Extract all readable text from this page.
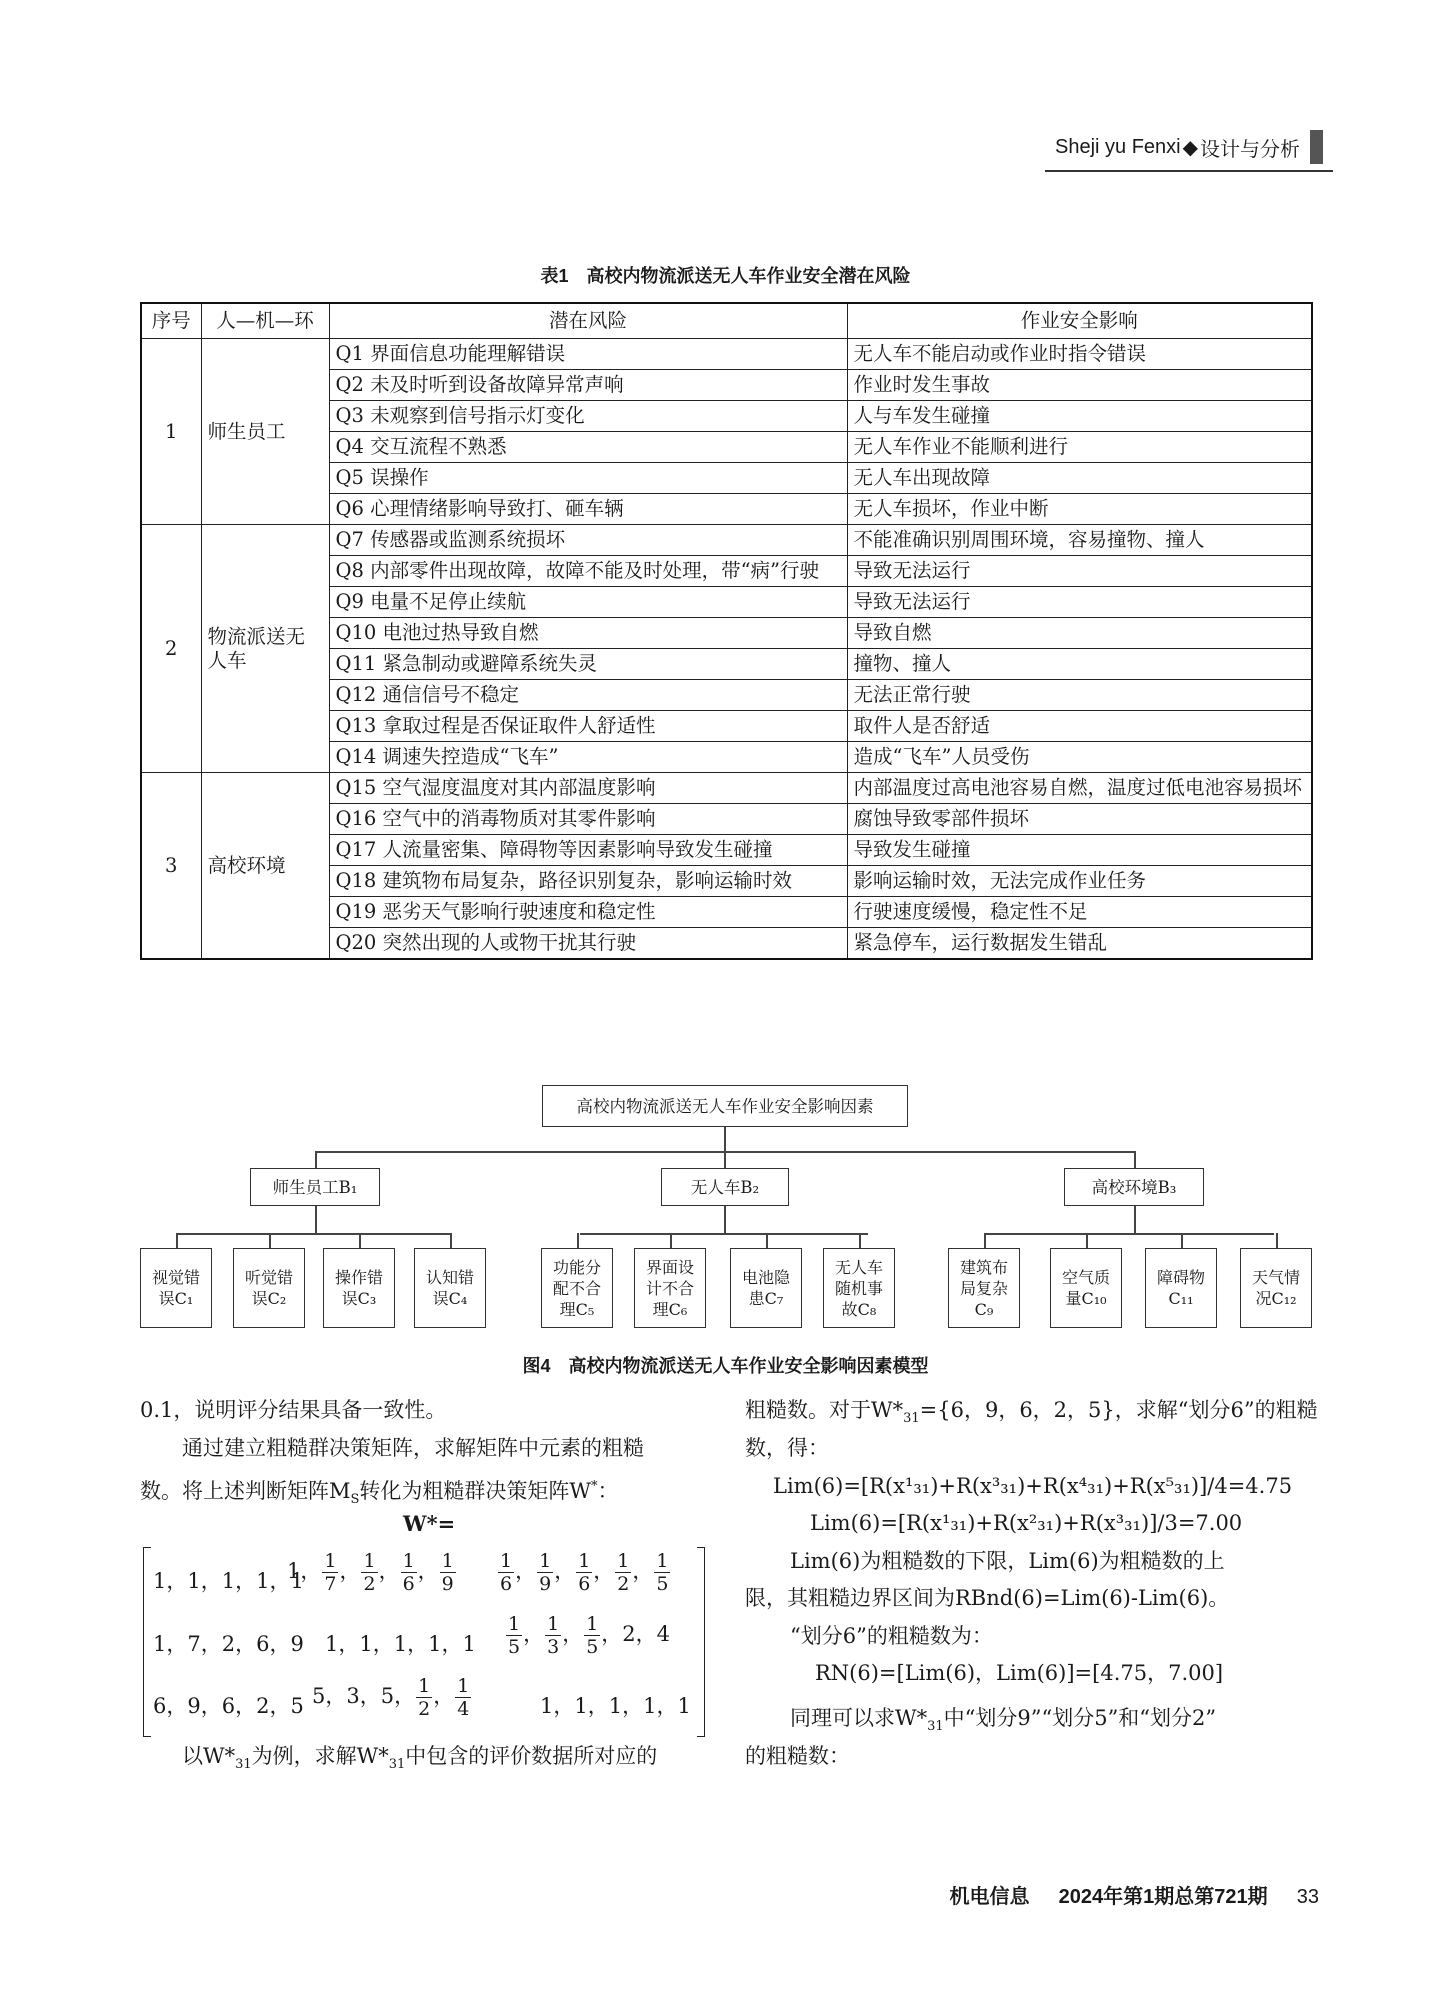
Sheji yu Fenxi ◆ 设计与分析
表1　高校内物流派送无人车作业安全潜在风险
序号	人—机—环	潜在风险	作业安全影响
1	师生员工	Q1 界面信息功能理解错误	无人车不能启动或作业时指令错误
		Q2 未及时听到设备故障异常声响	作业时发生事故
		Q3 未观察到信号指示灯变化	人与车发生碰撞
		Q4 交互流程不熟悉	无人车作业不能顺利进行
		Q5 误操作	无人车出现故障
		Q6 心理情绪影响导致打、砸车辆	无人车损坏，作业中断
2	物流派送无人车	Q7 传感器或监测系统损坏	不能准确识别周围环境，容易撞物、撞人
		Q8 内部零件出现故障，故障不能及时处理，带“病”行驶	导致无法运行
		Q9 电量不足停止续航	导致无法运行
		Q10 电池过热导致自燃	导致自燃
		Q11 紧急制动或避障系统失灵	撞物、撞人
		Q12 通信信号不稳定	无法正常行驶
		Q13 拿取过程是否保证取件人舒适性	取件人是否舒适
		Q14 调速失控造成“飞车”	造成“飞车”人员受伤
3	高校环境	Q15 空气湿度温度对其内部温度影响	内部温度过高电池容易自燃，温度过低电池容易损坏
		Q16 空气中的消毒物质对其零件影响	腐蚀导致零部件损坏
		Q17 人流量密集、障碍物等因素影响导致发生碰撞	导致发生碰撞
		Q18 建筑物布局复杂，路径识别复杂，影响运输时效	影响运输时效，无法完成作业任务
		Q19 恶劣天气影响行驶速度和稳定性	行驶速度缓慢，稳定性不足
		Q20 突然出现的人或物干扰其行驶	紧急停车，运行数据发生错乱
高校内物流派送无人车作业安全影响因素
师生员工B₁	无人车B₂	高校环境B₃
视觉错误C₁
听觉错误C₂
操作错误C₃
认知错误C₄
功能分配不合理C₅
界面设计不合理C₆
电池隐患C₇
无人车随机事故C₈
建筑布局复杂C₉
空气质量C₁₀
障碍物C₁₁
天气情况C₁₂
图4　高校内物流派送无人车作业安全影响因素模型
0.1，说明评分结果具备一致性。
通过建立粗糙群决策矩阵，求解矩阵中元素的粗糙
数。将上述判断矩阵$M_S$转化为粗糙群决策矩阵W*：
W*=
1，1，1，1，1
1， $\frac{1}{7}$ ， $\frac{1}{2}$ ， $\frac{1}{6}$ ， $\frac{1}{9} \frac{1}{6}$ ， $\frac{1}{9}$ ， $\frac{1}{6}$ ， $\frac{1}{2}$ ， $\frac{1}{5}$
1，7，2，6，9 1，1，1，1，$1 \frac{1}{5}$ ， $\frac{1}{3}$ ， $\frac{1}{5}$ ，2，4
6，9，6，2，5 5，3，5， $\frac{1}{2}$ ， $\frac{1}{4}$	1，1，1，1，1
以$W*_{31}$为例，求解$W*_{31}$中包含的评价数据所对应的
粗糙数。对于$W*_{31}=\{6$，9，6，2，5}，求解“划分6”的粗糙
数，得：
Lim(6)=[R(x¹₃₁)+R(x³₃₁)+R(x⁴₃₁)+R(x⁵₃₁)]/4=4.75
Lim(6)=[R(x¹₃₁)+R(x²₃₁)+R(x³₃₁)]/3=7.00
Lim(6)为粗糙数的下限，Lim(6)为粗糙数的上
限，其粗糙边界区间为RBnd(6)=Lim(6)-Lim(6)。
“划分6”的粗糙数为：
RN(6)=[Lim(6)，Lim(6)]=[4.75，7.00]
同理可以求$W*_{31}$中“划分9”“划分5”和“划分2”
的粗糙数：
机电信息 2024年第1期总第721期 33
